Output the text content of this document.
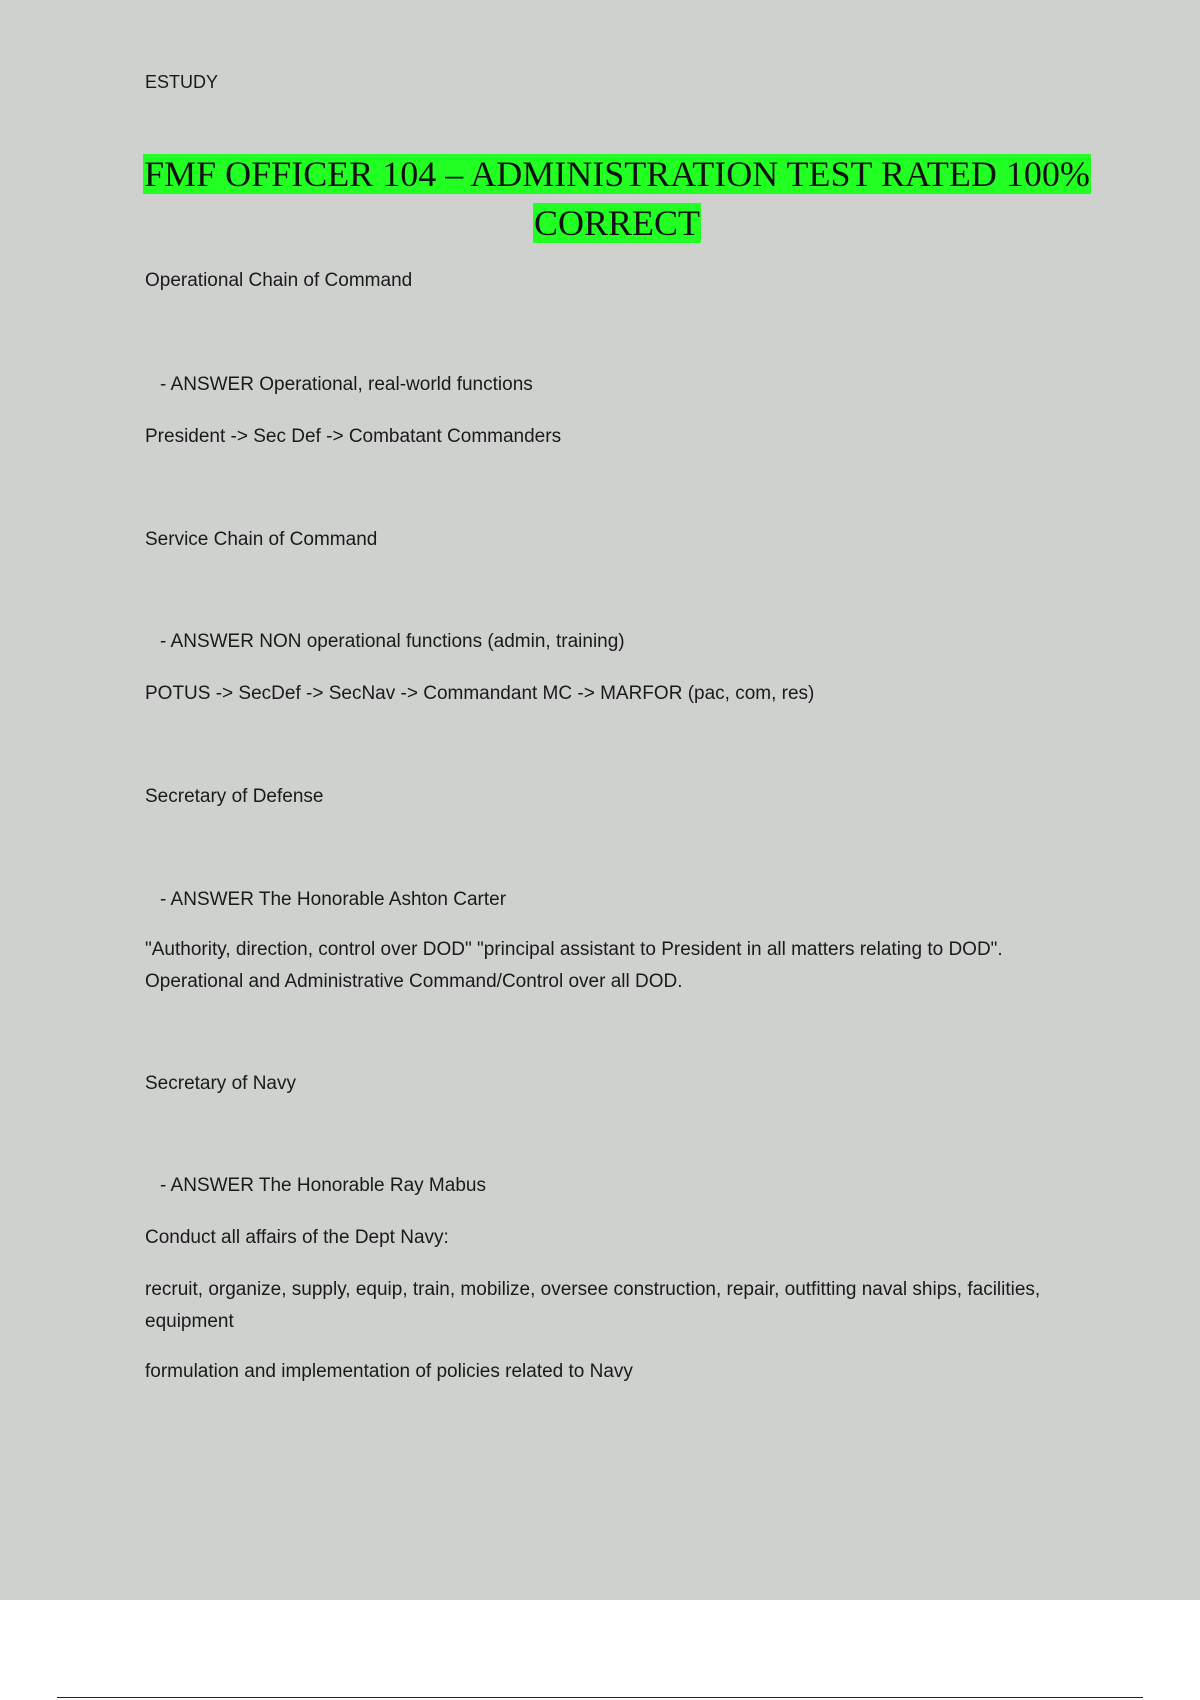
ESTUDY
FMF OFFICER 104 – ADMINISTRATION TEST RATED 100% CORRECT
Operational Chain of Command
- ANSWER Operational, real-world functions
President -> Sec Def -> Combatant Commanders
Service Chain of Command
- ANSWER NON operational functions (admin, training)
POTUS -> SecDef -> SecNav -> Commandant MC -> MARFOR (pac, com, res)
Secretary of Defense
- ANSWER The Honorable Ashton Carter
"Authority, direction, control over DOD" "principal assistant to President in all matters relating to DOD". Operational and Administrative Command/Control over all DOD.
Secretary of Navy
- ANSWER The Honorable Ray Mabus
Conduct all affairs of the Dept Navy:
recruit, organize, supply, equip, train, mobilize, oversee construction, repair, outfitting naval ships, facilities, equipment
formulation and implementation of policies related to Navy
